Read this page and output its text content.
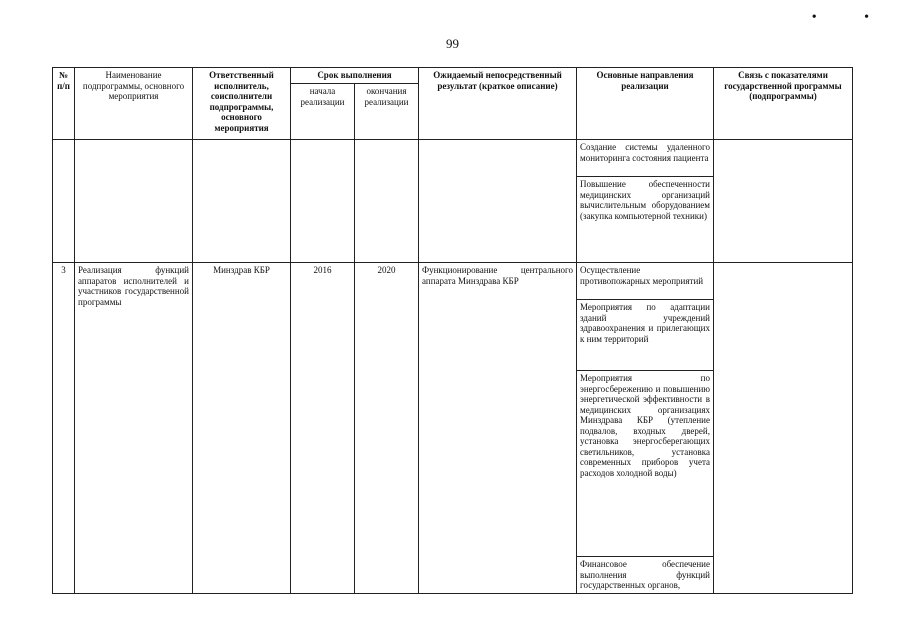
• •
99
№ п/п	Наименование подпрограммы, основного мероприятия	Ответственный исполнитель, соисполнители подпрограммы, основного мероприятия	Срок выполнения		Ожидаемый непосредственный результат (краткое описание)	Основные направления реализации	Связь с показателями государственной программы (подпрограммы)
			начала реализации	окончания реализации			
						Создание системы удаленного мониторинга состояния пациента	
						Повышение обеспеченности медицинских организаций вычислительным оборудованием (закупка компьютерной техники)	
3	Реализация функций аппаратов исполнителей и участников государственной программы	Минздрав КБР	2016	2020	Функционирование центрального аппарата Минздрава КБР	Осуществление противопожарных мероприятий	
						Мероприятия по адаптации зданий учреждений здравоохранения и прилегающих к ним территорий	
						Мероприятия по энергосбережению и повышению энергетической эффективности в медицинских организациях Минздрава КБР (утепление подвалов, входных дверей, установка энергосберегающих светильников, установка современных приборов учета расходов холодной воды)	
						Финансовое обеспечение выполнения функций государственных органов,	
